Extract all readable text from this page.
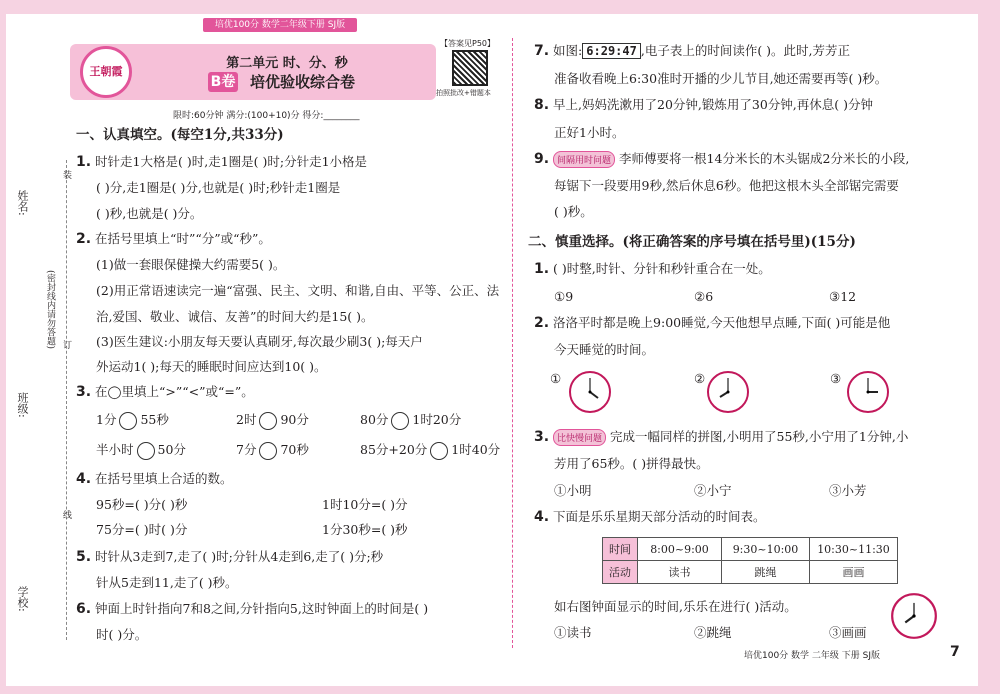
培优100分 数学二年级下册 SJ版
姓名:
班级:
学校:
(密封线内请勿答题)
装
订
线
王朝霞
第二单元 时、分、秒
B卷 培优验收综合卷
【答案见P50】
拍照批改+错题本
限时:60分钟 满分:(100+10)分 得分:________
一、认真填空。(每空1分,共33分)
1. 时针走1大格是( )时,走1圈是( )时;分针走1小格是
( )分,走1圈是( )分,也就是( )时;秒针走1圈是
( )秒,也就是( )分。
2. 在括号里填上“时”“分”或“秒”。
(1)做一套眼保健操大约需要5( )。
(2)用正常语速读完一遍“富强、民主、文明、和谐,自由、平等、公正、法
治,爱国、敬业、诚信、友善”的时间大约是15( )。
(3)医生建议:小朋友每天要认真刷牙,每次最少刷3( );每天户
外运动1( );每天的睡眠时间应达到10( )。
3. 在◯里填上“>”“<”或“=”。
1分 55秒	2时 90分	80分 1时20分
半小时 50分	7分 70秒	85分+20分 1时40分
4. 在括号里填上合适的数。
95秒=( )分( )秒	1时10分=( )分
75分=( )时( )分	1分30秒=( )秒
5. 时针从3走到7,走了( )时;分针从4走到6,走了( )分;秒
针从5走到11,走了( )秒。
6. 钟面上时针指向7和8之间,分针指向5,这时钟面上的时间是( )
时( )分。
7. 如图: 6:29:47 ,电子表上的时间读作( )。此时,芳芳正
准备收看晚上6:30准时开播的少儿节目,她还需要再等( )秒。
8. 早上,妈妈洗漱用了20分钟,锻炼用了30分钟,再休息( )分钟
正好1小时。
9. 间隔用时问题 李师傅要将一根14分米长的木头锯成2分米长的小段,
每锯下一段要用9秒,然后休息6秒。他把这根木头全部锯完需要
( )秒。
二、慎重选择。(将正确答案的序号填在括号里)(15分)
1. ( )时整,时针、分针和秒针重合在一处。
①9	②6	③12
2. 洛洛平时都是晚上9:00睡觉,今天他想早点睡,下面( )可能是他
今天睡觉的时间。
①	②	③
3. 比快慢问题 完成一幅同样的拼图,小明用了55秒,小宁用了1分钟,小
芳用了65秒。( )拼得最快。
①小明	②小宁	③小芳
4. 下面是乐乐星期天部分活动的时间表。
时间	8:00~9:00	9:30~10:00	10:30~11:30
活动	读书	跳绳	画画
如右图钟面显示的时间,乐乐在进行( )活动。
①读书	②跳绳	③画画
培优100分 数学 二年级 下册 SJ版	7
